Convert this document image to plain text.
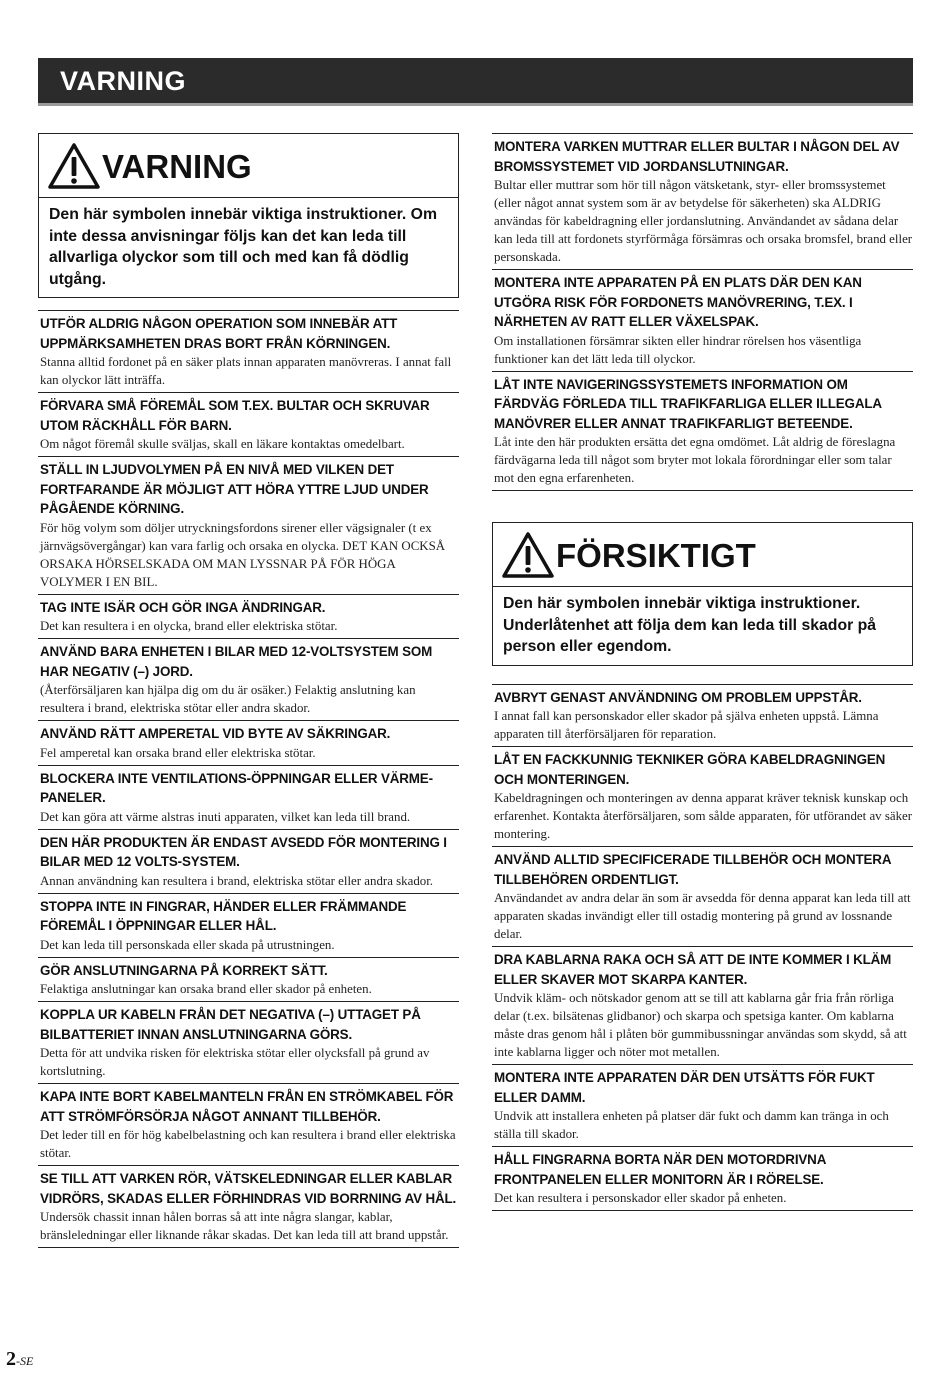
VARNING
VARNING
Den här symbolen innebär viktiga instruktioner. Om inte dessa anvisningar följs kan det kan leda till allvarliga olyckor som till och med kan få dödlig utgång.
UTFÖR ALDRIG NÅGON OPERATION SOM INNEBÄR ATT UPPMÄRKSAMHETEN DRAS BORT FRÅN KÖRNINGEN.

Stanna alltid fordonet på en säker plats innan apparaten manövreras. I annat fall kan olyckor lätt inträffa.

FÖRVARA SMÅ FÖREMÅL SOM T.EX. BULTAR OCH SKRUVAR UTOM RÄCKHÅLL FÖR BARN.

Om något föremål skulle sväljas, skall en läkare kontaktas omedelbart.

STÄLL IN LJUDVOLYMEN PÅ EN NIVÅ MED VILKEN DET FORTFARANDE ÄR MÖJLIGT ATT HÖRA YTTRE LJUD UNDER PÅGÅENDE KÖRNING.

För hög volym som döljer utryckningsfordons sirener eller vägsignaler (t ex järnvägsövergångar) kan vara farlig och orsaka en olycka. DET KAN OCKSÅ ORSAKA HÖRSELSKADA OM MAN LYSSNAR PÅ FÖR HÖGA VOLYMER I EN BIL.

TAG INTE ISÄR OCH GÖR INGA ÄNDRINGAR.

Det kan resultera i en olycka, brand eller elektriska stötar.

ANVÄND BARA ENHETEN I BILAR MED 12-VOLTSYSTEM SOM HAR NEGATIV (–) JORD.

(Återförsäljaren kan hjälpa dig om du är osäker.) Felaktig anslutning kan resultera i brand, elektriska stötar eller andra skador.

ANVÄND RÄTT AMPERETAL VID BYTE AV SÄKRINGAR.

Fel amperetal kan orsaka brand eller elektriska stötar.

BLOCKERA INTE VENTILATIONS-ÖPPNINGAR ELLER VÄRME-PANELER.

Det kan göra att värme alstras inuti apparaten, vilket kan leda till brand.

DEN HÄR PRODUKTEN ÄR ENDAST AVSEDD FÖR MONTERING I BILAR MED 12 VOLTS-SYSTEM.

Annan användning kan resultera i brand, elektriska stötar eller andra skador.

STOPPA INTE IN FINGRAR, HÄNDER ELLER FRÄMMANDE FÖREMÅL I ÖPPNINGAR ELLER HÅL.

Det kan leda till personskada eller skada på utrustningen.

GÖR ANSLUTNINGARNA PÅ KORREKT SÄTT.

Felaktiga anslutningar kan orsaka brand eller skador på enheten.

KOPPLA UR KABELN FRÅN DET NEGATIVA (–) UTTAGET PÅ BILBATTERIET INNAN ANSLUTNINGARNA GÖRS.

Detta för att undvika risken för elektriska stötar eller olycksfall på grund av kortslutning.

KAPA INTE BORT KABELMANTELN FRÅN EN STRÖMKABEL FÖR ATT STRÖMFÖRSÖRJA NÅGOT ANNANT TILLBEHÖR.

Det leder till en för hög kabelbelastning och kan resultera i brand eller elektriska stötar.

SE TILL ATT VARKEN RÖR, VÄTSKELEDNINGAR ELLER KABLAR VIDRÖRS, SKADAS ELLER FÖRHINDRAS VID BORRNING AV HÅL.

Undersök chassit innan hålen borras så att inte några slangar, kablar, bränsleledningar eller liknande råkar skadas. Det kan leda till att brand uppstår.

MONTERA VARKEN MUTTRAR ELLER BULTAR I NÅGON DEL AV BROMSSYSTEMET VID JORDANSLUTNINGAR.

Bultar eller muttrar som hör till någon vätsketank, styr- eller bromssystemet (eller något annat system som är av betydelse för säkerheten) ska ALDRIG användas för kabeldragning eller jordanslutning. Användandet av sådana delar kan leda till att fordonets styrförmåga försämras och orsaka bromsfel, brand eller personskada.

MONTERA INTE APPARATEN PÅ EN PLATS DÄR DEN KAN UTGÖRA RISK FÖR FORDONETS MANÖVRERING, T.EX. I NÄRHETEN AV RATT ELLER VÄXELSPAK.

Om installationen försämrar sikten eller hindrar rörelsen hos väsentliga funktioner kan det lätt leda till olyckor.

LÅT INTE NAVIGERINGSSYSTEMETS INFORMATION OM FÄRDVÄG FÖRLEDA TILL TRAFIKFARLIGA ELLER ILLEGALA MANÖVRER ELLER ANNAT TRAFIKFARLIGT BETEENDE.

Låt inte den här produkten ersätta det egna omdömet. Låt aldrig de föreslagna färdvägarna leda till något som bryter mot lokala förordningar eller som talar mot den egna erfarenheten.

FÖRSIKTIGT
Den här symbolen innebär viktiga instruktioner. Underlåtenhet att följa dem kan leda till skador på person eller egendom.
AVBRYT GENAST ANVÄNDNING OM PROBLEM UPPSTÅR.

I annat fall kan personskador eller skador på själva enheten uppstå. Lämna apparaten till återförsäljaren för reparation.

LÅT EN FACKKUNNIG TEKNIKER GÖRA KABELDRAGNINGEN OCH MONTERINGEN.

Kabeldragningen och monteringen av denna apparat kräver teknisk kunskap och erfarenhet. Kontakta återförsäljaren, som sålde apparaten, för utförandet av säker montering.

ANVÄND ALLTID SPECIFICERADE TILLBEHÖR OCH MONTERA TILLBEHÖREN ORDENTLIGT.

Användandet av andra delar än som är avsedda för denna apparat kan leda till att apparaten skadas invändigt eller till ostadig montering på grund av lossnande delar.

DRA KABLARNA RAKA OCH SÅ ATT DE INTE KOMMER I KLÄM ELLER SKAVER MOT SKARPA KANTER.

Undvik kläm- och nötskador genom att se till att kablarna går fria från rörliga delar (t.ex. bilsätenas glidbanor) och skarpa och spetsiga kanter. Om kablarna måste dras genom hål i plåten bör gummibussningar användas som skydd, så att inte kablarna ligger och nöter mot metallen.

MONTERA INTE APPARATEN DÄR DEN UTSÄTTS FÖR FUKT ELLER DAMM.

Undvik att installera enheten på platser där fukt och damm kan tränga in och ställa till skador.

HÅLL FINGRARNA BORTA NÄR DEN MOTORDRIVNA FRONTPANELEN ELLER MONITORN ÄR I RÖRELSE.

Det kan resultera i personskador eller skador på enheten.

2-SE
